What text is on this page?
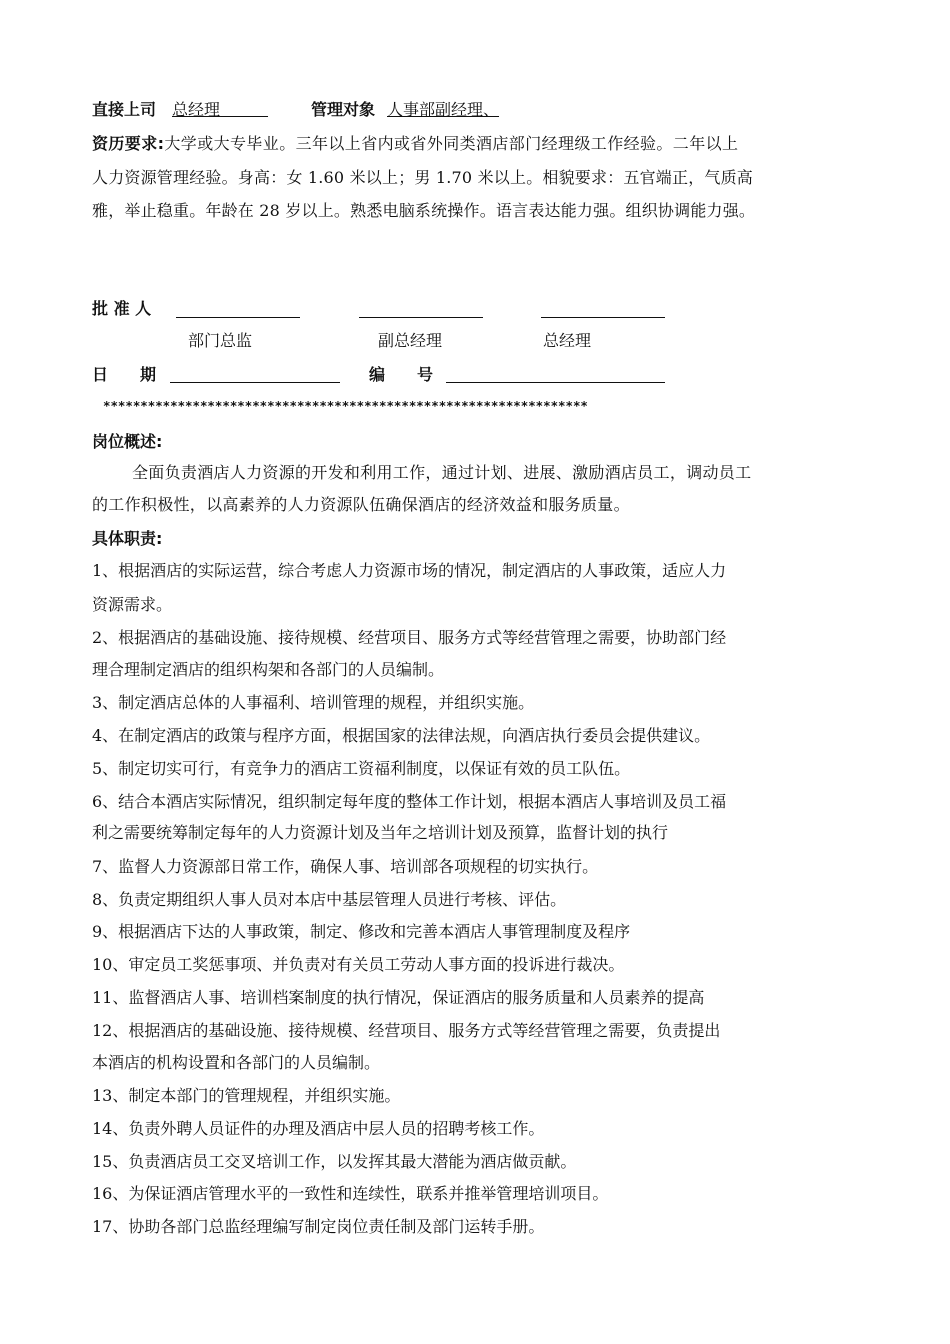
直接上司 总经理   	管理对象 人事部副经理、
资历要求:大学或大专毕业。三年以上省内或省外同类酒店部门经理级工作经验。二年以上
人力资源管理经验。身高：女 1.60 米以上；男 1.70 米以上。相貌要求：五官端正，气质高
雅，举止稳重。年龄在 28 岁以上。熟悉电脑系统操作。语言表达能力强。组织协调能力强。
批 准 人
部门总监	副总经理	总经理
日　　期	编　　号
*****************************************************************
岗位概述:
全面负责酒店人力资源的开发和利用工作，通过计划、进展、激励酒店员工，调动员工
的工作积极性，以高素养的人力资源队伍确保酒店的经济效益和服务质量。
具体职责:
1、根据酒店的实际运营，综合考虑人力资源市场的情况，制定酒店的人事政策，适应人力
资源需求。
2、根据酒店的基础设施、接待规模、经营项目、服务方式等经营管理之需要，协助部门经
理合理制定酒店的组织构架和各部门的人员编制。
3、制定酒店总体的人事福利、培训管理的规程，并组织实施。
4、在制定酒店的政策与程序方面，根据国家的法律法规，向酒店执行委员会提供建议。
5、制定切实可行，有竞争力的酒店工资福利制度，以保证有效的员工队伍。
6、结合本酒店实际情况，组织制定每年度的整体工作计划，根据本酒店人事培训及员工福
利之需要统筹制定每年的人力资源计划及当年之培训计划及预算，监督计划的执行
7、监督人力资源部日常工作，确保人事、培训部各项规程的切实执行。
8、负责定期组织人事人员对本店中基层管理人员进行考核、评估。
9、根据酒店下达的人事政策，制定、修改和完善本酒店人事管理制度及程序
10、审定员工奖惩事项、并负责对有关员工劳动人事方面的投诉进行裁决。
11、监督酒店人事、培训档案制度的执行情况，保证酒店的服务质量和人员素养的提高
12、根据酒店的基础设施、接待规模、经营项目、服务方式等经营管理之需要，负责提出
本酒店的机构设置和各部门的人员编制。
13、制定本部门的管理规程，并组织实施。
14、负责外聘人员证件的办理及酒店中层人员的招聘考核工作。
15、负责酒店员工交叉培训工作，以发挥其最大潜能为酒店做贡献。
16、为保证酒店管理水平的一致性和连续性，联系并推举管理培训项目。
17、协助各部门总监经理编写制定岗位责任制及部门运转手册。
